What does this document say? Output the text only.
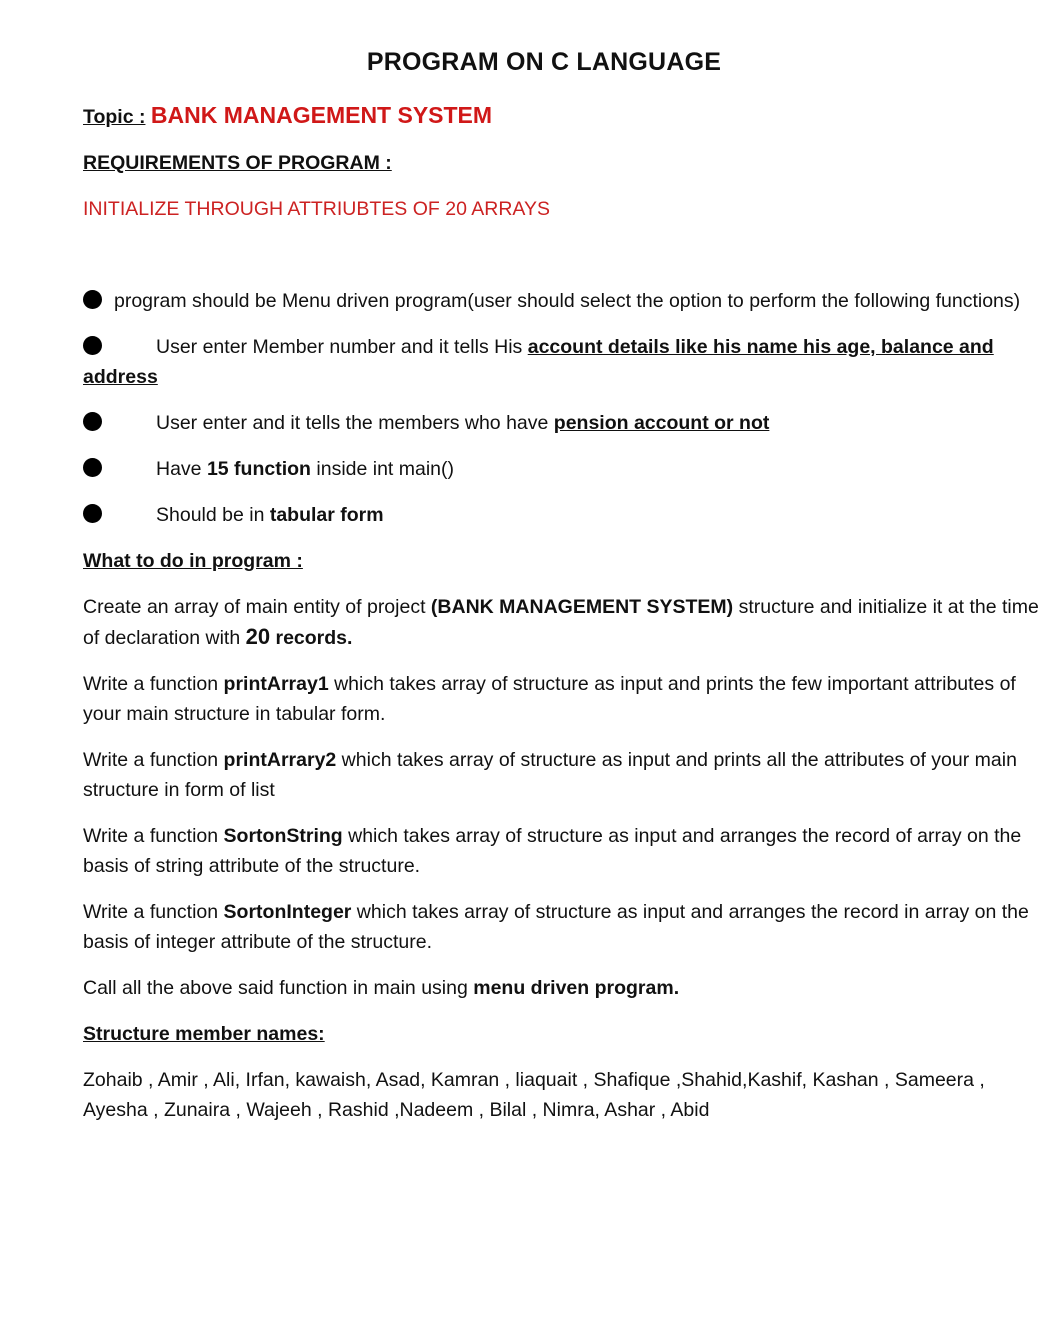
PROGRAM ON C LANGUAGE
Topic : BANK MANAGEMENT SYSTEM
REQUIREMENTS OF PROGRAM :
INITIALIZE THROUGH ATTRIUBTES OF 20 ARRAYS
program should be Menu driven program(user should select the option to perform the following functions)
User enter Member number and it tells His account details like his name his age, balance and address
User enter and it tells the members who have pension account or not
Have 15 function inside int main()
Should be in tabular form
What to do in program :
Create an array of main entity of project (BANK MANAGEMENT SYSTEM) structure and initialize it at the time of declaration with 20 records.
Write a function printArray1 which takes array of structure as input and prints the few important attributes of your main structure in tabular form.
Write a function printArrary2 which takes array of structure as input and prints all the attributes of your main structure in form of list
Write a function SortonString which takes array of structure as input and arranges the record of array on the basis of string attribute of the structure.
Write a function SortonInteger which takes array of structure as input and arranges the record in array on the basis of integer attribute of the structure.
Call all the above said function in main using menu driven program.
Structure member names:
Zohaib , Amir , Ali, Irfan, kawaish, Asad, Kamran , liaquait , Shafique ,Shahid,Kashif, Kashan , Sameera , Ayesha , Zunaira , Wajeeh , Rashid ,Nadeem , Bilal , Nimra, Ashar , Abid
